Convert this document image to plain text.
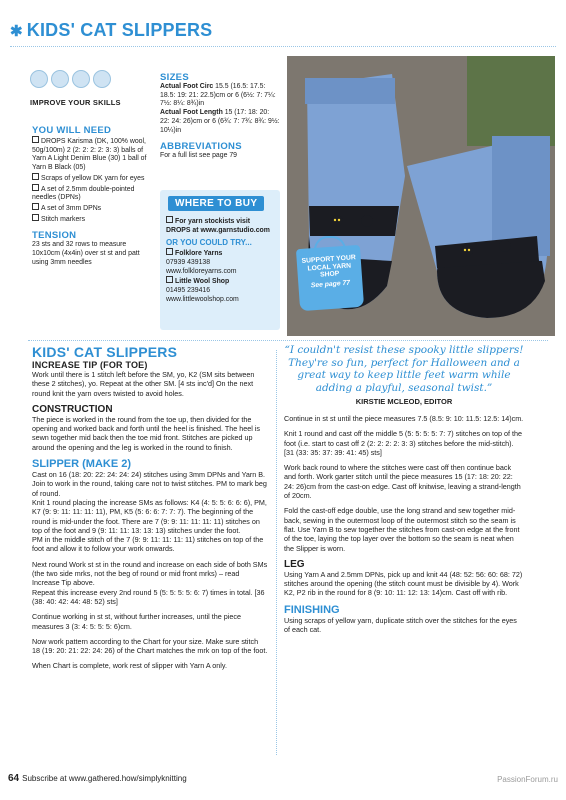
✱ KIDS' CAT SLIPPERS
IMPROVE YOUR SKILLS
YOU WILL NEED
DROPS Karisma (DK, 100% wool, 50g/100m) 2 (2: 2: 2: 2: 3: 3) balls of Yarn A Light Denim Blue (30) 1 ball of Yarn B Black (05)
Scraps of yellow DK yarn for eyes
A set of 2.5mm double-pointed needles (DPNs)
A set of 3mm DPNs
Stitch markers
TENSION
23 sts and 32 rows to measure 10x10cm (4x4in) over st st and patt using 3mm needles
SIZES
Actual Foot Circ 15.5 (16.5: 17.5: 18.5: 19: 21: 22.5)cm or 6 (6½: 7: 7¼: 7½: 8¼: 8¾)in
Actual Foot Length 15 (17: 18: 20: 22: 24: 26)cm or 6 (6¾: 7: 7¾: 8¾: 9½: 10¼)in
ABBREVIATIONS
For a full list see page 79
WHERE TO BUY
For yarn stockists visit DROPS at www.garnstudio.com
OR YOU COULD TRY...
Folklore Yarns
07939 439138 www.folkloreyarns.com
Little Wool Shop
01495 239416 www.littlewoolshop.com
SUPPORT YOUR LOCAL YARN SHOP
See page 77
KIDS' CAT SLIPPERS
INCREASE TIP (FOR TOE)
Work until there is 1 stitch left before the SM, yo, K2 (SM sits between these 2 stitches), yo. Repeat at the other SM. [4 sts inc'd] On the next round knit the yarn overs twisted to avoid holes.
CONSTRUCTION
The piece is worked in the round from the toe up, then divided for the opening and worked back and forth until the heel is finished. The heel is sewn together mid back then the toe mid front. Stitches are picked up around the opening and the leg is worked in the round to finish.
SLIPPER (MAKE 2)
Cast on 16 (18: 20: 22: 24: 24: 24) stitches using 3mm DPNs and Yarn B. Join to work in the round, taking care not to twist stitches. PM to mark beg of round.
Knit 1 round placing the increase SMs as follows: K4 (4: 5: 5: 6: 6: 6), PM, K7 (9: 9: 11: 11: 11: 11), PM, K5 (5: 6: 6: 7: 7: 7). The beginning of the round is mid-under the foot. There are 7 (9: 9: 11: 11: 11: 11) stitches on top of the foot and 9 (9: 11: 11: 13: 13: 13) stitches under the foot.
PM in the middle stitch of the 7 (9: 9: 11: 11: 11: 11) stitches on top of the foot and allow it to follow your work onwards.
Next round Work st st in the round and increase on each side of both SMs (the two side mrks, not the beg of round or mid front mrks) – read Increase Tip above.
Repeat this increase every 2nd round 5 (5: 5: 5: 5: 6: 7) times in total. [36 (38: 40: 42: 44: 48: 52) sts]
Continue working in st st, without further increases, until the piece measures 3 (3: 4: 5: 5: 5: 6)cm.
Now work pattern according to the Chart for your size. Make sure stitch 18 (19: 20: 21: 22: 24: 26) of the Chart matches the mrk on top of the foot.
When Chart is complete, work rest of slipper with Yarn A only.
“I couldn't resist these spooky little slippers! They're so fun, perfect for Halloween and a great way to keep little feet warm while adding a playful, seasonal twist.”
KIRSTIE MCLEOD, EDITOR
Continue in st st until the piece measures 7.5 (8.5: 9: 10: 11.5: 12.5: 14)cm.
Knit 1 round and cast off the middle 5 (5: 5: 5: 5: 7: 7) stitches on top of the foot (i.e. start to cast off 2 (2: 2: 2: 2: 3: 3) stitches before the mid-stitch). [31 (33: 35: 37: 39: 41: 45) sts]
Work back round to where the stitches were cast off then continue back and forth. Work garter stitch until the piece measures 15 (17: 18: 20: 22: 24: 26)cm from the cast-on edge. Cast off knitwise, leaving a strand-length of 20cm.
Fold the cast-off edge double, use the long strand and sew together mid-back, sewing in the outermost loop of the outermost stitch so the seam is flat. Use Yarn B to sew together the stitches from cast-on edge at the front of the toe, laying the top layer over the bottom so the seam is neat when the Slipper is worn.
LEG
Using Yarn A and 2.5mm DPNs, pick up and knit 44 (48: 52: 56: 60: 68: 72) stitches around the opening (the stitch count must be divisible by 4). Work K2, P2 rib in the round for 8 (9: 10: 11: 12: 13: 14)cm. Cast off with rib.
FINISHING
Using scraps of yellow yarn, duplicate stitch over the stitches for the eyes of each cat.
64 Subscribe at www.gathered.how/simplyknitting	PassionForum.ru
